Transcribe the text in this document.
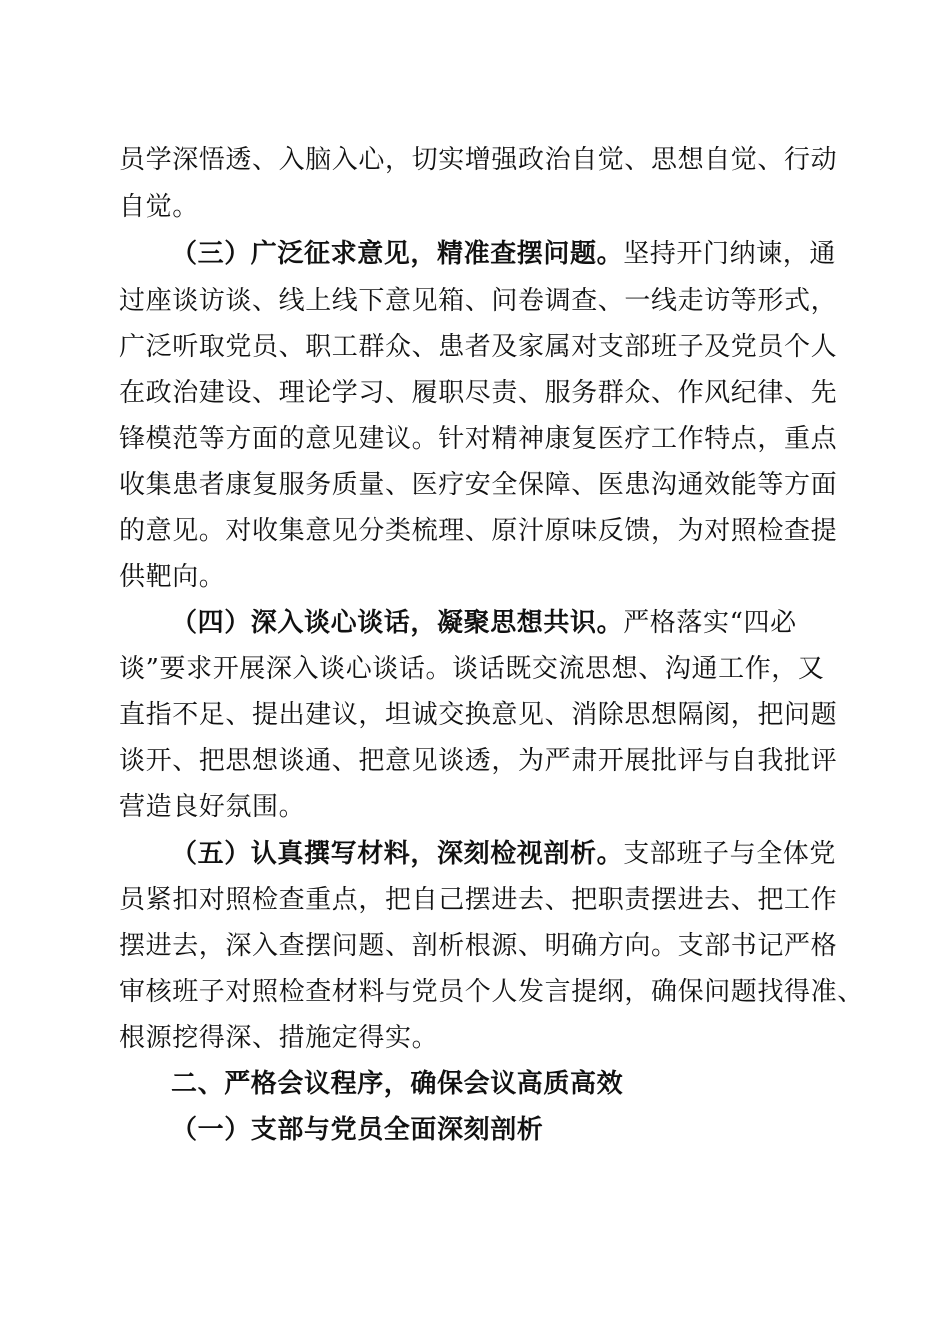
员学深悟透、入脑入心，切实增强政治自觉、思想自觉、行动
自觉。
（三）广泛征求意见，精准查摆问题。坚持开门纳谏，通
过座谈访谈、线上线下意见箱、问卷调查、一线走访等形式，
广泛听取党员、职工群众、患者及家属对支部班子及党员个人
在政治建设、理论学习、履职尽责、服务群众、作风纪律、先
锋模范等方面的意见建议。针对精神康复医疗工作特点，重点
收集患者康复服务质量、医疗安全保障、医患沟通效能等方面
的意见。对收集意见分类梳理、原汁原味反馈，为对照检查提
供靶向。
（四）深入谈心谈话，凝聚思想共识。严格落实“四必
谈”要求开展深入谈心谈话。谈话既交流思想、沟通工作，又
直指不足、提出建议，坦诚交换意见、消除思想隔阂，把问题
谈开、把思想谈通、把意见谈透，为严肃开展批评与自我批评
营造良好氛围。
（五）认真撰写材料，深刻检视剖析。支部班子与全体党
员紧扣对照检查重点，把自己摆进去、把职责摆进去、把工作
摆进去，深入查摆问题、剖析根源、明确方向。支部书记严格
审核班子对照检查材料与党员个人发言提纲，确保问题找得准、
根源挖得深、措施定得实。
二、严格会议程序，确保会议高质高效
（一）支部与党员全面深刻剖析
